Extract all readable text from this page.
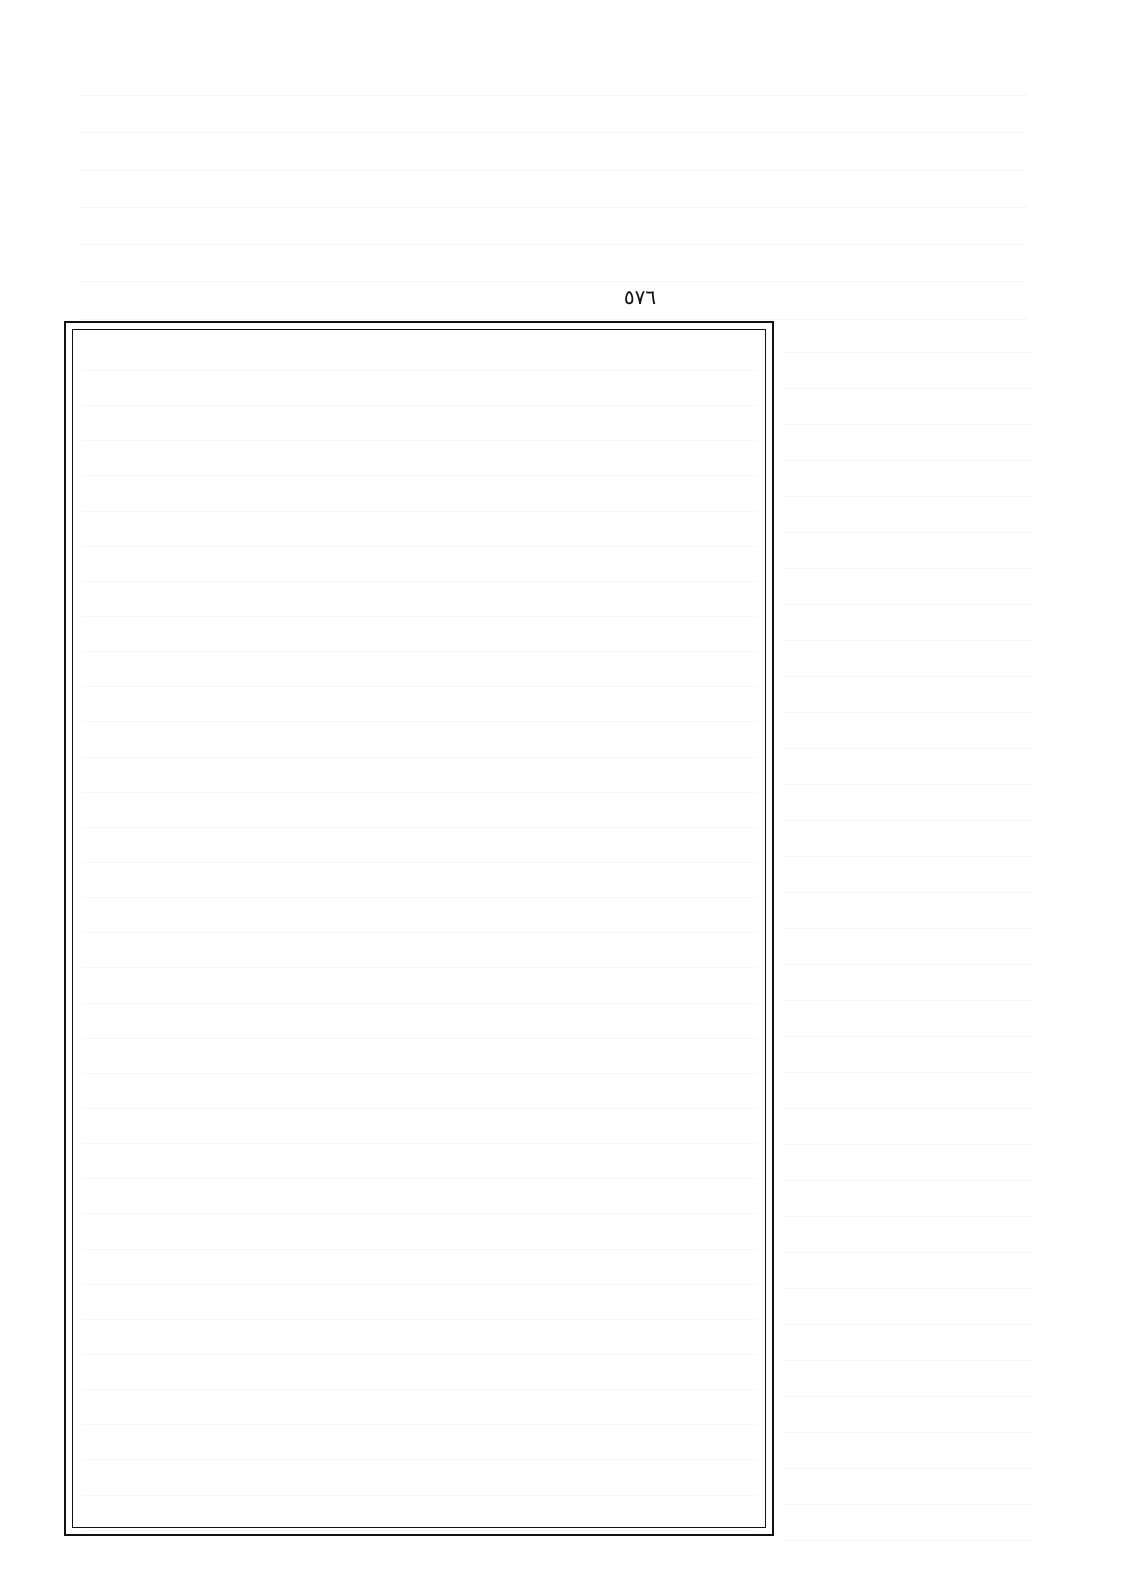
٥٧٦
